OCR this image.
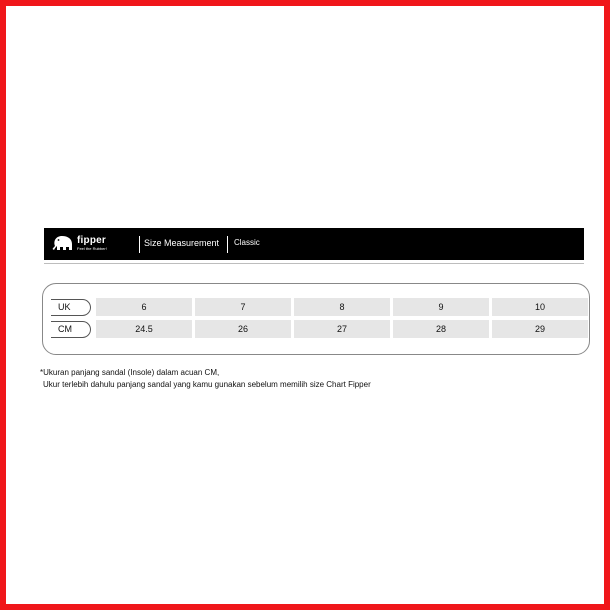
fipper
Feel the Rubber!	Size Measurement Classic
UK	6	7	8	9	10
CM	24.5	26	27	28	29
*Ukuran panjang sandal (Insole) dalam acuan CM,
Ukur terlebih dahulu panjang sandal yang kamu gunakan sebelum memilih size Chart Fipper
